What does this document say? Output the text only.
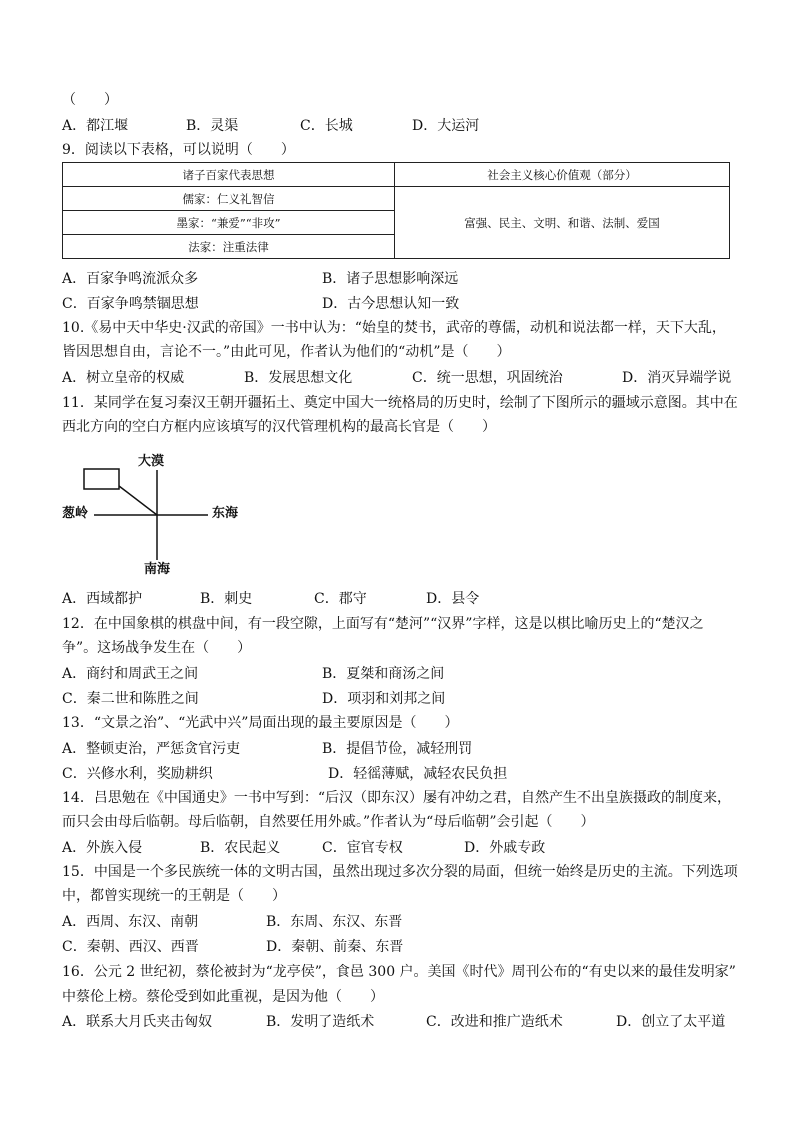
（　　）
A．都江堰	B．灵渠	C．长城	D．大运河
9．阅读以下表格，可以说明（　　）
诸子百家代表思想	社会主义核心价值观（部分）
儒家：仁义礼智信	富强、民主、文明、和谐、法制、爱国
墨家：“兼爱”“非攻”	
法家：注重法律	
A．百家争鸣流派众多	B．诸子思想影响深远
C．百家争鸣禁锢思想	D．古今思想认知一致
10.《易中天中华史·汉武的帝国》一书中认为：“始皇的焚书，武帝的尊儒，动机和说法都一样，天下大乱，
皆因思想自由，言论不一。”由此可见，作者认为他们的“动机”是（　　）
A．树立皇帝的权威	B．发展思想文化	C．统一思想，巩固统治	D．消灭异端学说
11．某同学在复习秦汉王朝开疆拓土、奠定中国大一统格局的历史时，绘制了下图所示的疆域示意图。其中在
西北方向的空白方框内应该填写的汉代管理机构的最高长官是（　　）
大漠
葱岭	东海
南海
A．西域都护	B．刺史	C．郡守	D．县令
12．在中国象棋的棋盘中间，有一段空隙，上面写有“楚河”“汉界”字样，这是以棋比喻历史上的“楚汉之
争”。这场战争发生在（　　）
A．商纣和周武王之间	B．夏桀和商汤之间
C．秦二世和陈胜之间	D．项羽和刘邦之间
13．“文景之治”、“光武中兴”局面出现的最主要原因是（　　）
A．整顿吏治，严惩贪官污吏	B．提倡节俭，减轻刑罚
C．兴修水利，奖励耕织	D．轻徭薄赋，减轻农民负担
14．吕思勉在《中国通史》一书中写到：“后汉（即东汉）屡有冲幼之君，自然产生不出皇族摄政的制度来，
而只会由母后临朝。母后临朝，自然要任用外戚。”作者认为“母后临朝”会引起（　　）
A．外族入侵	B．农民起义	C．宦官专权	D．外戚专政
15．中国是一个多民族统一体的文明古国，虽然出现过多次分裂的局面，但统一始终是历史的主流。下列选项
中，都曾实现统一的王朝是（　　）
A．西周、东汉、南朝	B．东周、东汉、东晋
C．秦朝、西汉、西晋	D．秦朝、前秦、东晋
16．公元 2 世纪初，蔡伦被封为“龙亭侯”，食邑 300 户。美国《时代》周刊公布的“有史以来的最佳发明家”
中蔡伦上榜。蔡伦受到如此重视，是因为他（　　）
A．联系大月氏夹击匈奴	B．发明了造纸术	C．改进和推广造纸术	D．创立了太平道
